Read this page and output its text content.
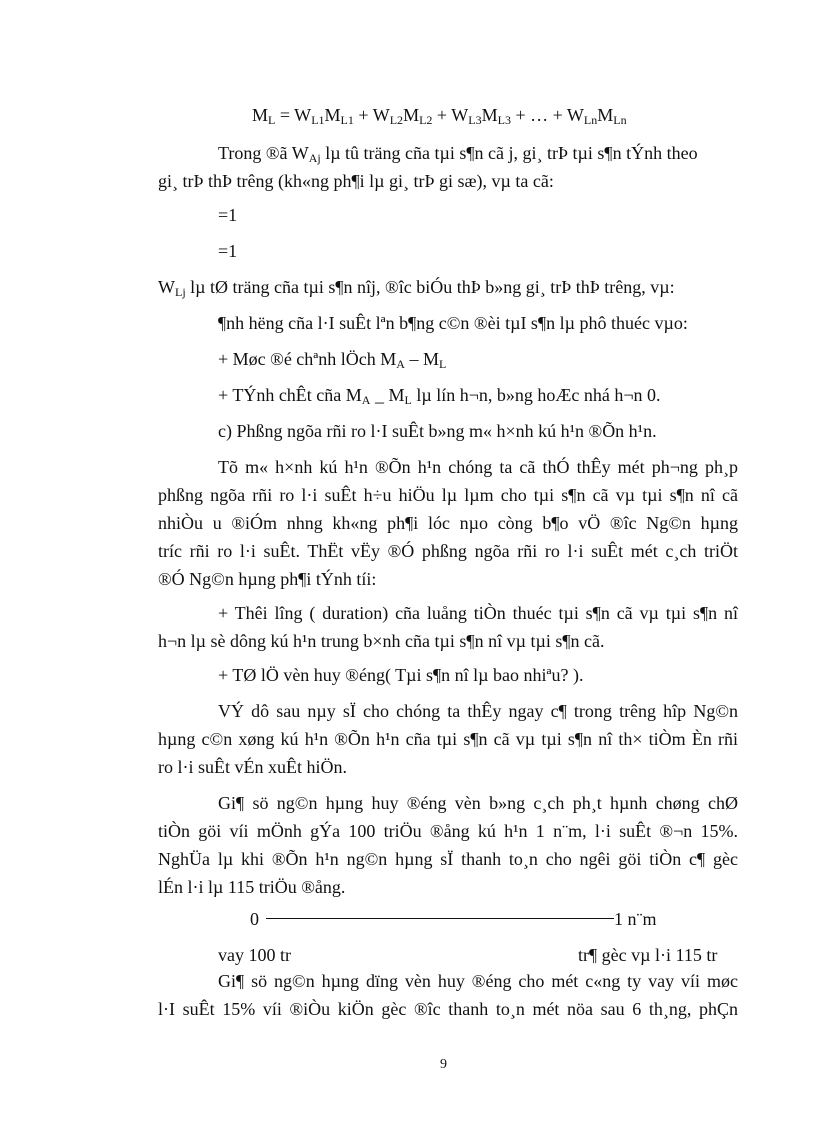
$M_L = W_{L1}M_{L1} + W_{L2}M_{L2} + W_{L3}M_{L3}$ + … + $W_{Ln}M_{Ln}$
Trong ®ã $W_{Aj}$ lµ tû träng cña tµi s¶n cã j, gi¸ trÞ tµi s¶n tÝnh theo
gi¸ trÞ thÞ trêng (kh«ng ph¶i lµ gi¸ trÞ gi sæ), vµ ta cã:
=1
=1
$W_{Lj}$ lµ tØ träng cña tµi s¶n nîj, ®îc biÓu thÞ b»ng gi¸ trÞ thÞ trêng, vµ:
¶nh hëng cña l·I suÊt lªn b¶ng c©n ®èi tµI s¶n lµ phô thuéc vµo:
+ Møc ®é chªnh lÖch $M_A - M_L$
+ TÝnh chÊt cña $M_A$ _ $M_L$ lµ lín h¬n, b»ng hoÆc nhá h¬n 0.
c) Phßng ngõa rñi ro l·I suÊt b»ng m« h×nh kú h¹n ®Õn h¹n.
Tõ m« h×nh kú h¹n ®Õn h¹n chóng ta cã thÓ thÊy mét ph¬ng ph¸p
phßng ngõa rñi ro l·i suÊt h÷u hiÖu lµ lµm cho tµi s¶n cã vµ tµi s¶n nî cã
nhiÒu u ®iÓm nhng kh«ng ph¶i lóc nµo còng b¶o vÖ ®îc Ng©n hµng
tríc rñi ro l·i suÊt. ThËt vËy ®Ó phßng ngõa rñi ro l·i suÊt mét c¸ch triÖt
®Ó Ng©n hµng ph¶i tÝnh tíi:
+ Thêi lîng ( duration) cña luång tiÒn thuéc tµi s¶n cã vµ tµi s¶n nî
h¬n lµ sè dông kú h¹n trung b×nh cña tµi s¶n nî vµ tµi s¶n cã.
+ TØ lÖ vèn huy ®éng( Tµi s¶n nî lµ bao nhiªu? ).
VÝ dô sau nµy sÏ cho chóng ta thÊy ngay c¶ trong trêng hîp Ng©n
hµng c©n xøng kú h¹n ®Õn h¹n cña tµi s¶n cã vµ tµi s¶n nî th× tiÒm Èn rñi
ro l·i suÊt vÉn xuÊt hiÖn.
Gi¶ sö ng©n hµng huy ®éng vèn b»ng c¸ch ph¸t hµnh chøng chØ
tiÒn göi víi mÖnh gÝa 100 triÖu ®ång kú h¹n 1 n¨m, l·i suÊt ®¬n 15%.
NghÜa lµ khi ®Õn h¹n ng©n hµng sÏ thanh to¸n cho ngêi göi tiÒn c¶ gèc
lÉn l·i lµ 115 triÖu ®ång.
0	1 n¨m
vay 100 tr	tr¶ gèc vµ l·i 115 tr
Gi¶ sö ng©n hµng dïng vèn huy ®éng cho mét c«ng ty vay víi møc
l·I suÊt 15% víi ®iÒu kiÖn gèc ®îc thanh to¸n mét nöa sau 6 th¸ng, phÇn
9
